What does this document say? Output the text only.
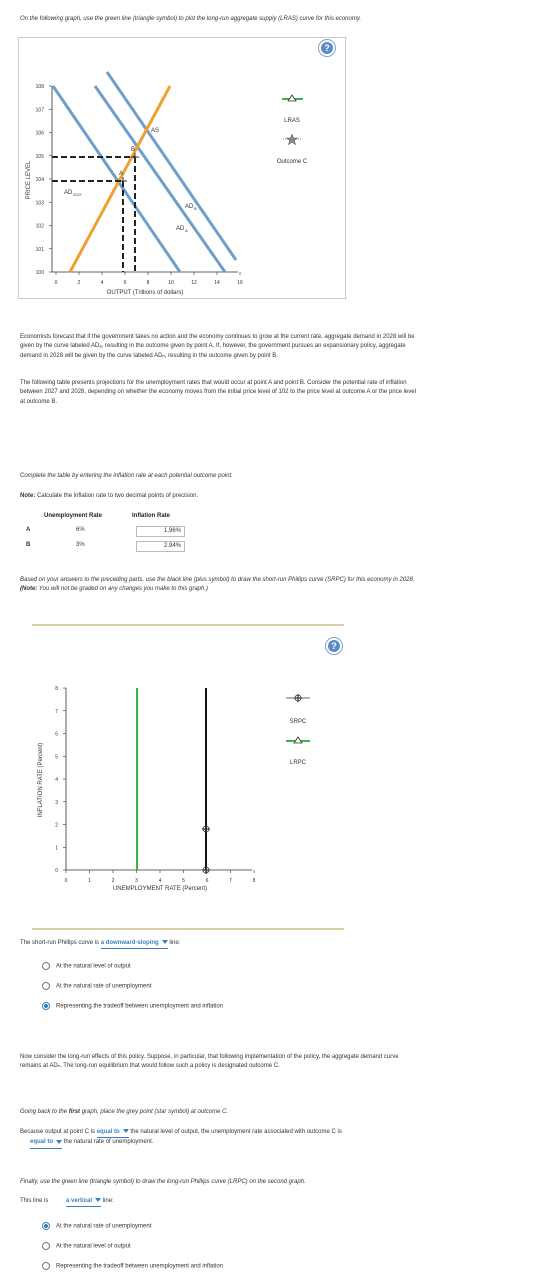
On the following graph, use the green line (triangle symbol) to plot the long-run aggregate supply (LRAS) curve for this economy.
?
100
101
102
103
104
105
106
107
108
0	2	4	6	8	10	12	14	16
PRICE LEVEL
OUTPUT (Trillions of dollars)
AS
AD B
AD A
AD 2027
A
B
LRAS
Outcome C
Economists forecast that if the government takes no action and the economy continues to grow at the current rate, aggregate demand in 2028 will be
given by the curve labeled ADₐ, resulting in the outcome given by point A. If, however, the government pursues an expansionary policy, aggregate
demand in 2028 will be given by the curve labeled ADₙ, resulting in the outcome given by point B.
The following table presents projections for the unemployment rates that would occur at point A and point B. Consider the potential rate of inflation
between 2027 and 2028, depending on whether the economy moves from the initial price level of 102 to the price level at outcome A or the price level
at outcome B.
Complete the table by entering the inflation rate at each potential outcome point.
Note: Calculate the inflation rate to two decimal points of precision.
Unemployment Rate	Inflation Rate
A	6%	1.96%
B	3%	2.94%
Based on your answers to the preceding parts, use the black line (plus symbol) to draw the short-run Phillips curve (SRPC) for this economy in 2028.
(Note: You will not be graded on any changes you make to this graph.)
?
0
1
2
3
4
5
6
7
8
0	1	2	3	4	5	6	7	8
SRPC
LRPC
INFLATION RATE (Percent)
UNEMPLOYMENT RATE (Percent)
The short-run Phillips curve is a downward-sloping line:
At the natural level of output
At the natural rate of unemployment
Representing the tradeoff between unemployment and inflation
Now consider the long-run effects of this policy. Suppose, in particular, that following implementation of the policy, the aggregate demand curve
remains at ADₙ. The long-run equilibrium that would follow such a policy is designated outcome C.
Going back to the first graph, place the grey point (star symbol) at outcome C.
Because output at point C is equal to the natural level of output, the unemployment rate associated with outcome C is
equal to the natural rate of unemployment.
Finally, use the green line (triangle symbol) to draw the long-run Phillips curve (LRPC) on the second graph.
This line is	a vertical line:
At the natural rate of unemployment
At the natural level of output
Representing the tradeoff between unemployment and inflation
